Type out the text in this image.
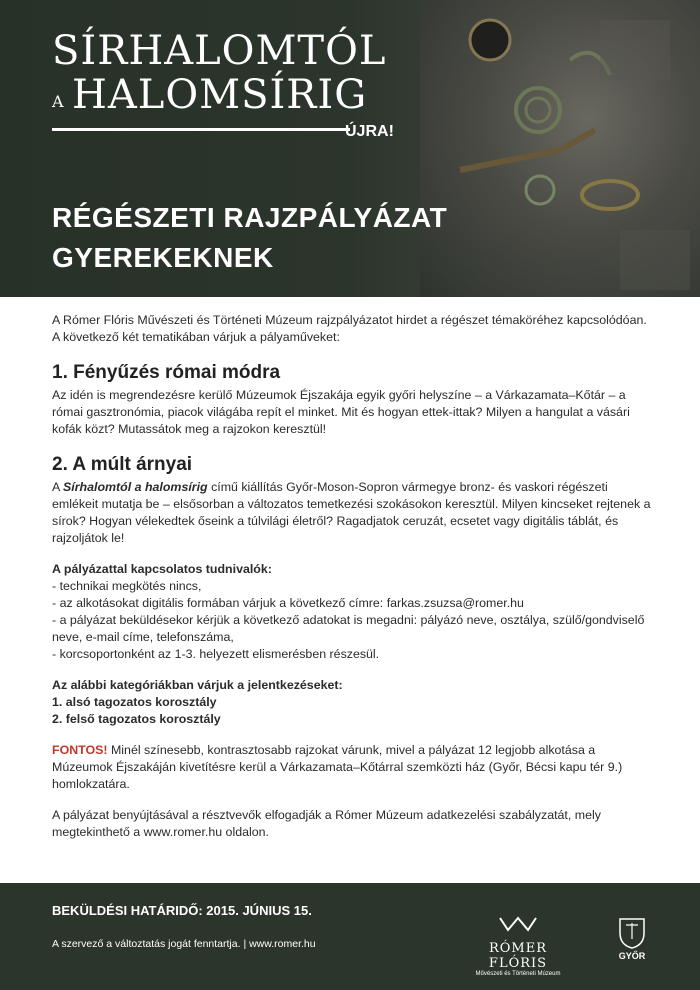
SÍRHALOMTÓL
A HALOMSÍRIG
ÚJRA!
RÉGÉSZETI RAJZPÁLYÁZAT
GYEREKEKNEK

A Rómer Flóris Művészeti és Történeti Múzeum rajzpályázatot hirdet a régészet témaköréhez kapcsolódóan. A következő két tematikában várjuk a pályaműveket:

1. Fényűzés római módra

Az idén is megrendezésre kerülő Múzeumok Éjszakája egyik győri helyszíne – a Várkazamata–Kőtár – a római gasztronómia, piacok világába repít el minket. Mit és hogyan ettek-ittak? Milyen a hangulat a vásári kofák közt? Mutassátok meg a rajzokon keresztül!

2. A múlt árnyai

A Sírhalomtól a halomsírig című kiállítás Győr-Moson-Sopron vármegye bronz- és vaskori régészeti emlékeit mutatja be – elsősorban a változatos temetkezési szokásokon keresztül. Milyen kincseket rejtenek a sírok? Hogyan vélekedtek őseink a túlvilági életről? Ragadjatok ceruzát, ecsetet vagy digitális táblát, és rajzoljátok le!

A pályázattal kapcsolatos tudnivalók:

- technikai megkötés nincs,

- az alkotásokat digitális formában várjuk a következő címre: farkas.zsuzsa@romer.hu

- a pályázat beküldésekor kérjük a következő adatokat is megadni: pályázó neve, osztálya, szülő/gondviselő neve, e-mail címe, telefonszáma,

- korcsoportonként az 1-3. helyezett elismerésben részesül.

Az alábbi kategóriákban várjuk a jelentkezéseket:

1. alsó tagozatos korosztály

2. felső tagozatos korosztály

FONTOS! Minél színesebb, kontrasztosabb rajzokat várunk, mivel a pályázat 12 legjobb alkotása a Múzeumok Éjszakáján kivetítésre kerül a Várkazamata–Kőtárral szemközti ház (Győr, Bécsi kapu tér 9.) homlokzatára.

A pályázat benyújtásával a résztvevők elfogadják a Rómer Múzeum adatkezelési szabályzatát, mely megtekinthető a www.romer.hu oldalon.

BEKÜLDÉSI HATÁRIDŐ: 2015. JÚNIUS 15.
A szervező a változtatás jogát fenntartja. | www.romer.hu	RÓMER FLÓRIS
Művészeti és Történeti Múzeum
GYŐR
